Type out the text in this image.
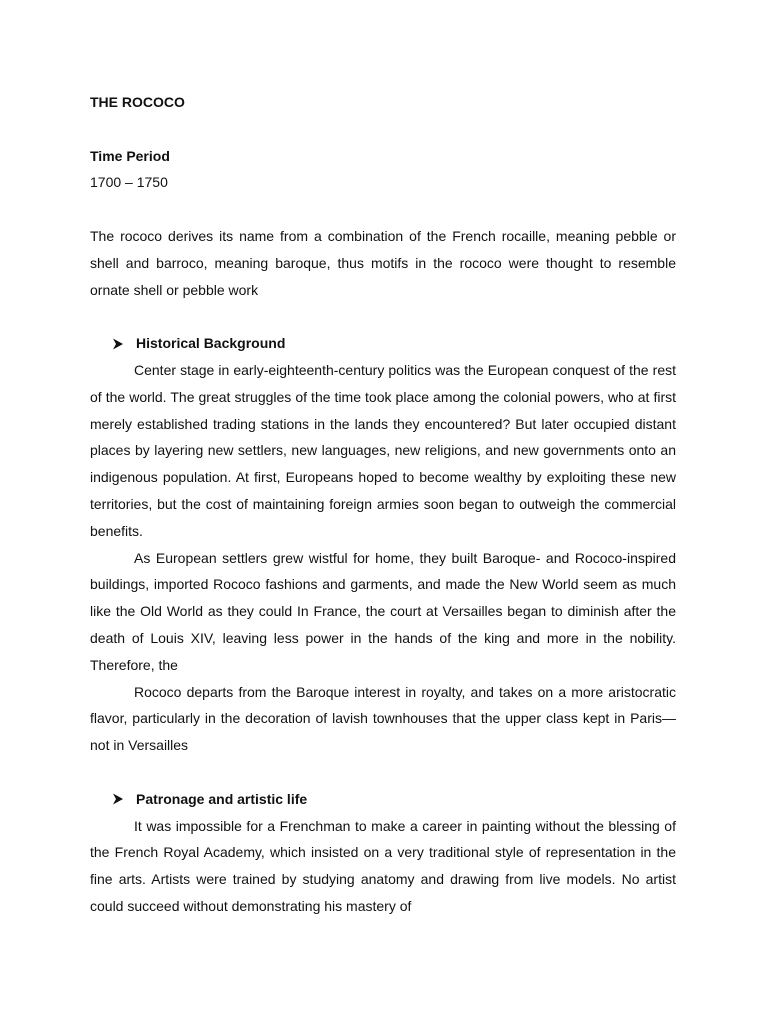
THE ROCOCO
Time Period
1700 – 1750
The rococo derives its name from a combination of the French rocaille, meaning pebble or shell and barroco, meaning baroque, thus motifs in the rococo were thought to resemble ornate shell or pebble work
Historical Background

Center stage in early-eighteenth-century politics was the European conquest of the rest of the world. The great struggles of the time took place among the colonial powers, who at first merely established trading stations in the lands they encountered? But later occupied distant places by layering new settlers, new languages, new religions, and new governments onto an indigenous population. At first, Europeans hoped to become wealthy by exploiting these new territories, but the cost of maintaining foreign armies soon began to outweigh the commercial benefits.

As European settlers grew wistful for home, they built Baroque- and Rococo-inspired buildings, imported Rococo fashions and garments, and made the New World seem as much like the Old World as they could In France, the court at Versailles began to diminish after the death of Louis XIV, leaving less power in the hands of the king and more in the nobility. Therefore, the

Rococo departs from the Baroque interest in royalty, and takes on a more aristocratic flavor, particularly in the decoration of lavish townhouses that the upper class kept in Paris—not in Versailles

Patronage and artistic life

It was impossible for a Frenchman to make a career in painting without the blessing of the French Royal Academy, which insisted on a very traditional style of representation in the fine arts. Artists were trained by studying anatomy and drawing from live models. No artist could succeed without demonstrating his mastery of
